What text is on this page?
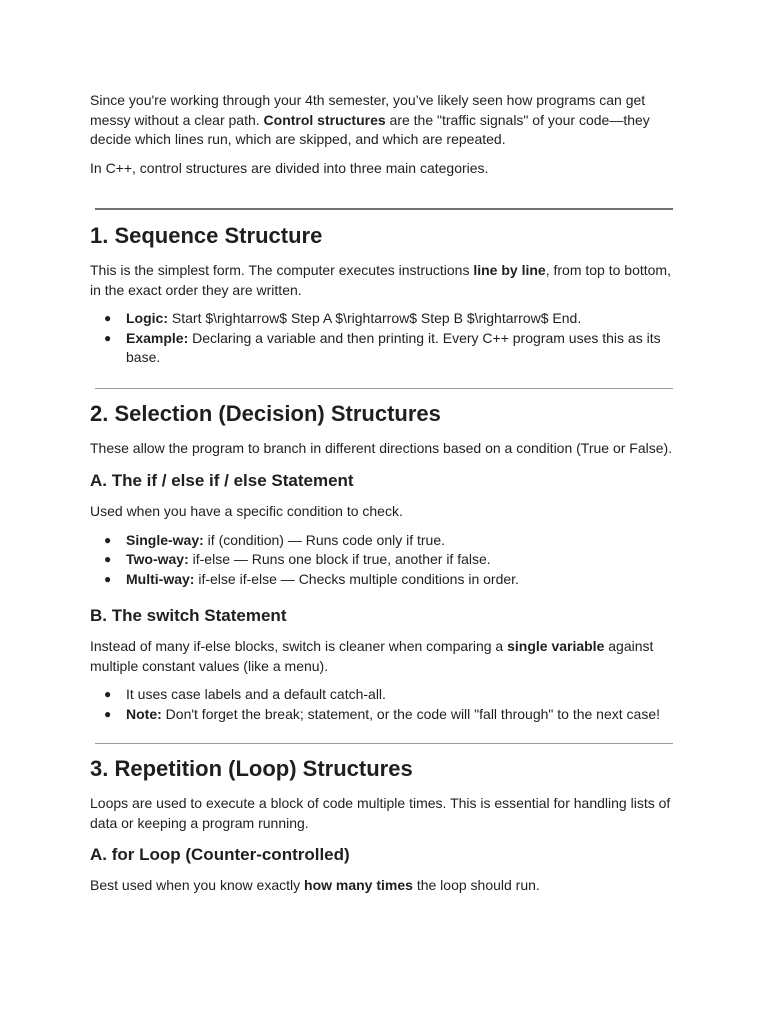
Since you're working through your 4th semester, you’ve likely seen how programs can get messy without a clear path. Control structures are the "traffic signals" of your code—they decide which lines run, which are skipped, and which are repeated.

In C++, control structures are divided into three main categories.

1. Sequence Structure

This is the simplest form. The computer executes instructions line by line, from top to bottom, in the exact order they are written.

● Logic: Start $\rightarrow$ Step A $\rightarrow$ Step B $\rightarrow$ End.
● Example: Declaring a variable and then printing it. Every C++ program uses this as its base.
2. Selection (Decision) Structures

These allow the program to branch in different directions based on a condition (True or False).

A. The if / else if / else Statement

Used when you have a specific condition to check.

● Single-way: if (condition) — Runs code only if true.
● Two-way: if-else — Runs one block if true, another if false.
● Multi-way: if-else if-else — Checks multiple conditions in order.
B. The switch Statement

Instead of many if-else blocks, switch is cleaner when comparing a single variable against multiple constant values (like a menu).

● It uses case labels and a default catch-all.
● Note: Don't forget the break; statement, or the code will "fall through" to the next case!
3. Repetition (Loop) Structures

Loops are used to execute a block of code multiple times. This is essential for handling lists of data or keeping a program running.

A. for Loop (Counter-controlled)

Best used when you know exactly how many times the loop should run.
